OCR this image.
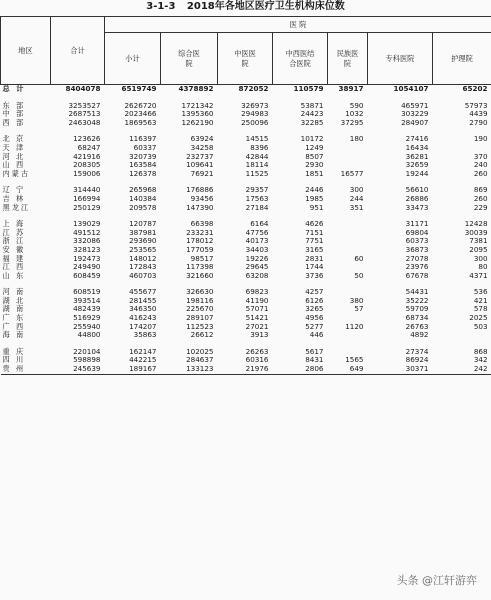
3-1-3 2018年各地区医疗卫生机构床位数
地区	合计	医 院						
		小计	综合医院	中医医院	中西医结合医院	民族医院	专科医院	护理院
总 计	8404078	6519749	4378892	872052	110579	38917	1054107	65202

东 部	3253527	2626720	1721342	326973	53871	590	465971	57973
中 部	2687513	2023466	1395360	294983	24423	1032	303229	4439
西 部	2463048	1869563	1262190	250096	32285	37295	284907	2790

北 京	123626	116397	63924	14515	10172	180	27416	190
天 津	68247	60337	34258	8396	1249		16434	
河 北	421916	320739	232737	42844	8507		36281	370
山 西	208305	163584	109641	18114	2930		32659	240
内蒙古	159006	126378	76921	11525	1851	16577	19244	260

辽 宁	314440	265968	176886	29357	2446	300	56610	869
吉 林	166994	140384	93456	17563	1985	244	26886	260
黑龙江	250129	209578	147390	27184	951	351	33473	229

上 海	139029	120787	66398	6164	4626		31171	12428
江 苏	491512	387981	233231	47756	7151		69804	30039
浙 江	332086	293690	178012	40173	7751		60373	7381
安 徽	328123	253565	177059	34403	3165		36873	2095
福 建	192473	148012	98517	19226	2831	60	27078	300
江 西	249490	172843	117398	29645	1744		23976	80
山 东	608459	460703	321660	63208	3736	50	67678	4371

河 南	608519	455677	326630	69823	4257		54431	536
湖 北	393514	281455	198116	41190	6126	380	35222	421
湖 南	482439	346350	225670	57071	3265	57	59709	578
广 东	516929	416243	289107	51421	4956		68734	2025
广 西	255940	174207	112523	27021	5277	1120	26763	503
海 南	44800	35863	26612	3913	446		4892	

重 庆	220104	162147	102025	26263	5617		27374	868
四 川	598898	442215	284637	60316	8431	1565	86924	342
贵 州	245639	189167	133123	21976	2806	649	30371	242
头条 @江轩游弈
